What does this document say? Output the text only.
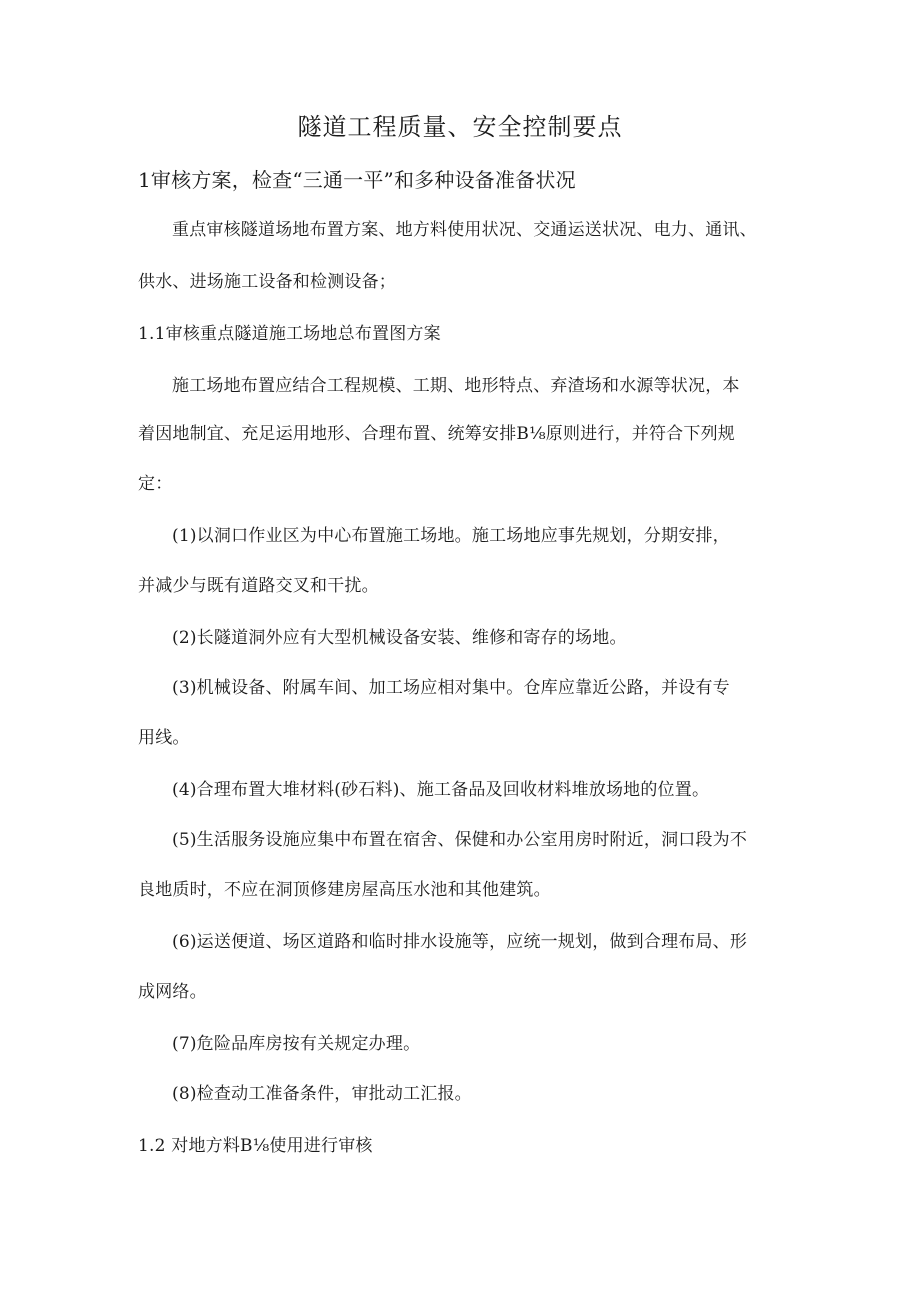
隧道工程质量、安全控制要点
1审核方案，检查“三通一平”和多种设备准备状况
重点审核隧道场地布置方案、地方料使用状况、交通运送状况、电力、通讯、
供水、进场施工设备和检测设备；
1.1审核重点隧道施工场地总布置图方案
施工场地布置应结合工程规模、工期、地形特点、弃渣场和水源等状况，本
着因地制宜、充足运用地形、合理布置、统筹安排B⅛原则进行，并符合下列规
定：
(1)以洞口作业区为中心布置施工场地。施工场地应事先规划，分期安排，
并减少与既有道路交叉和干扰。
(2)长隧道洞外应有大型机械设备安装、维修和寄存的场地。
(3)机械设备、附属车间、加工场应相对集中。仓库应靠近公路，并设有专
用线。
(4)合理布置大堆材料(砂石料)、施工备品及回收材料堆放场地的位置。
(5)生活服务设施应集中布置在宿舍、保健和办公室用房时附近，洞口段为不
良地质时，不应在洞顶修建房屋高压水池和其他建筑。
(6)运送便道、场区道路和临时排水设施等，应统一规划，做到合理布局、形
成网络。
(7)危险品库房按有关规定办理。
(8)检查动工准备条件，审批动工汇报。
1.2 对地方料B⅛使用进行审核
